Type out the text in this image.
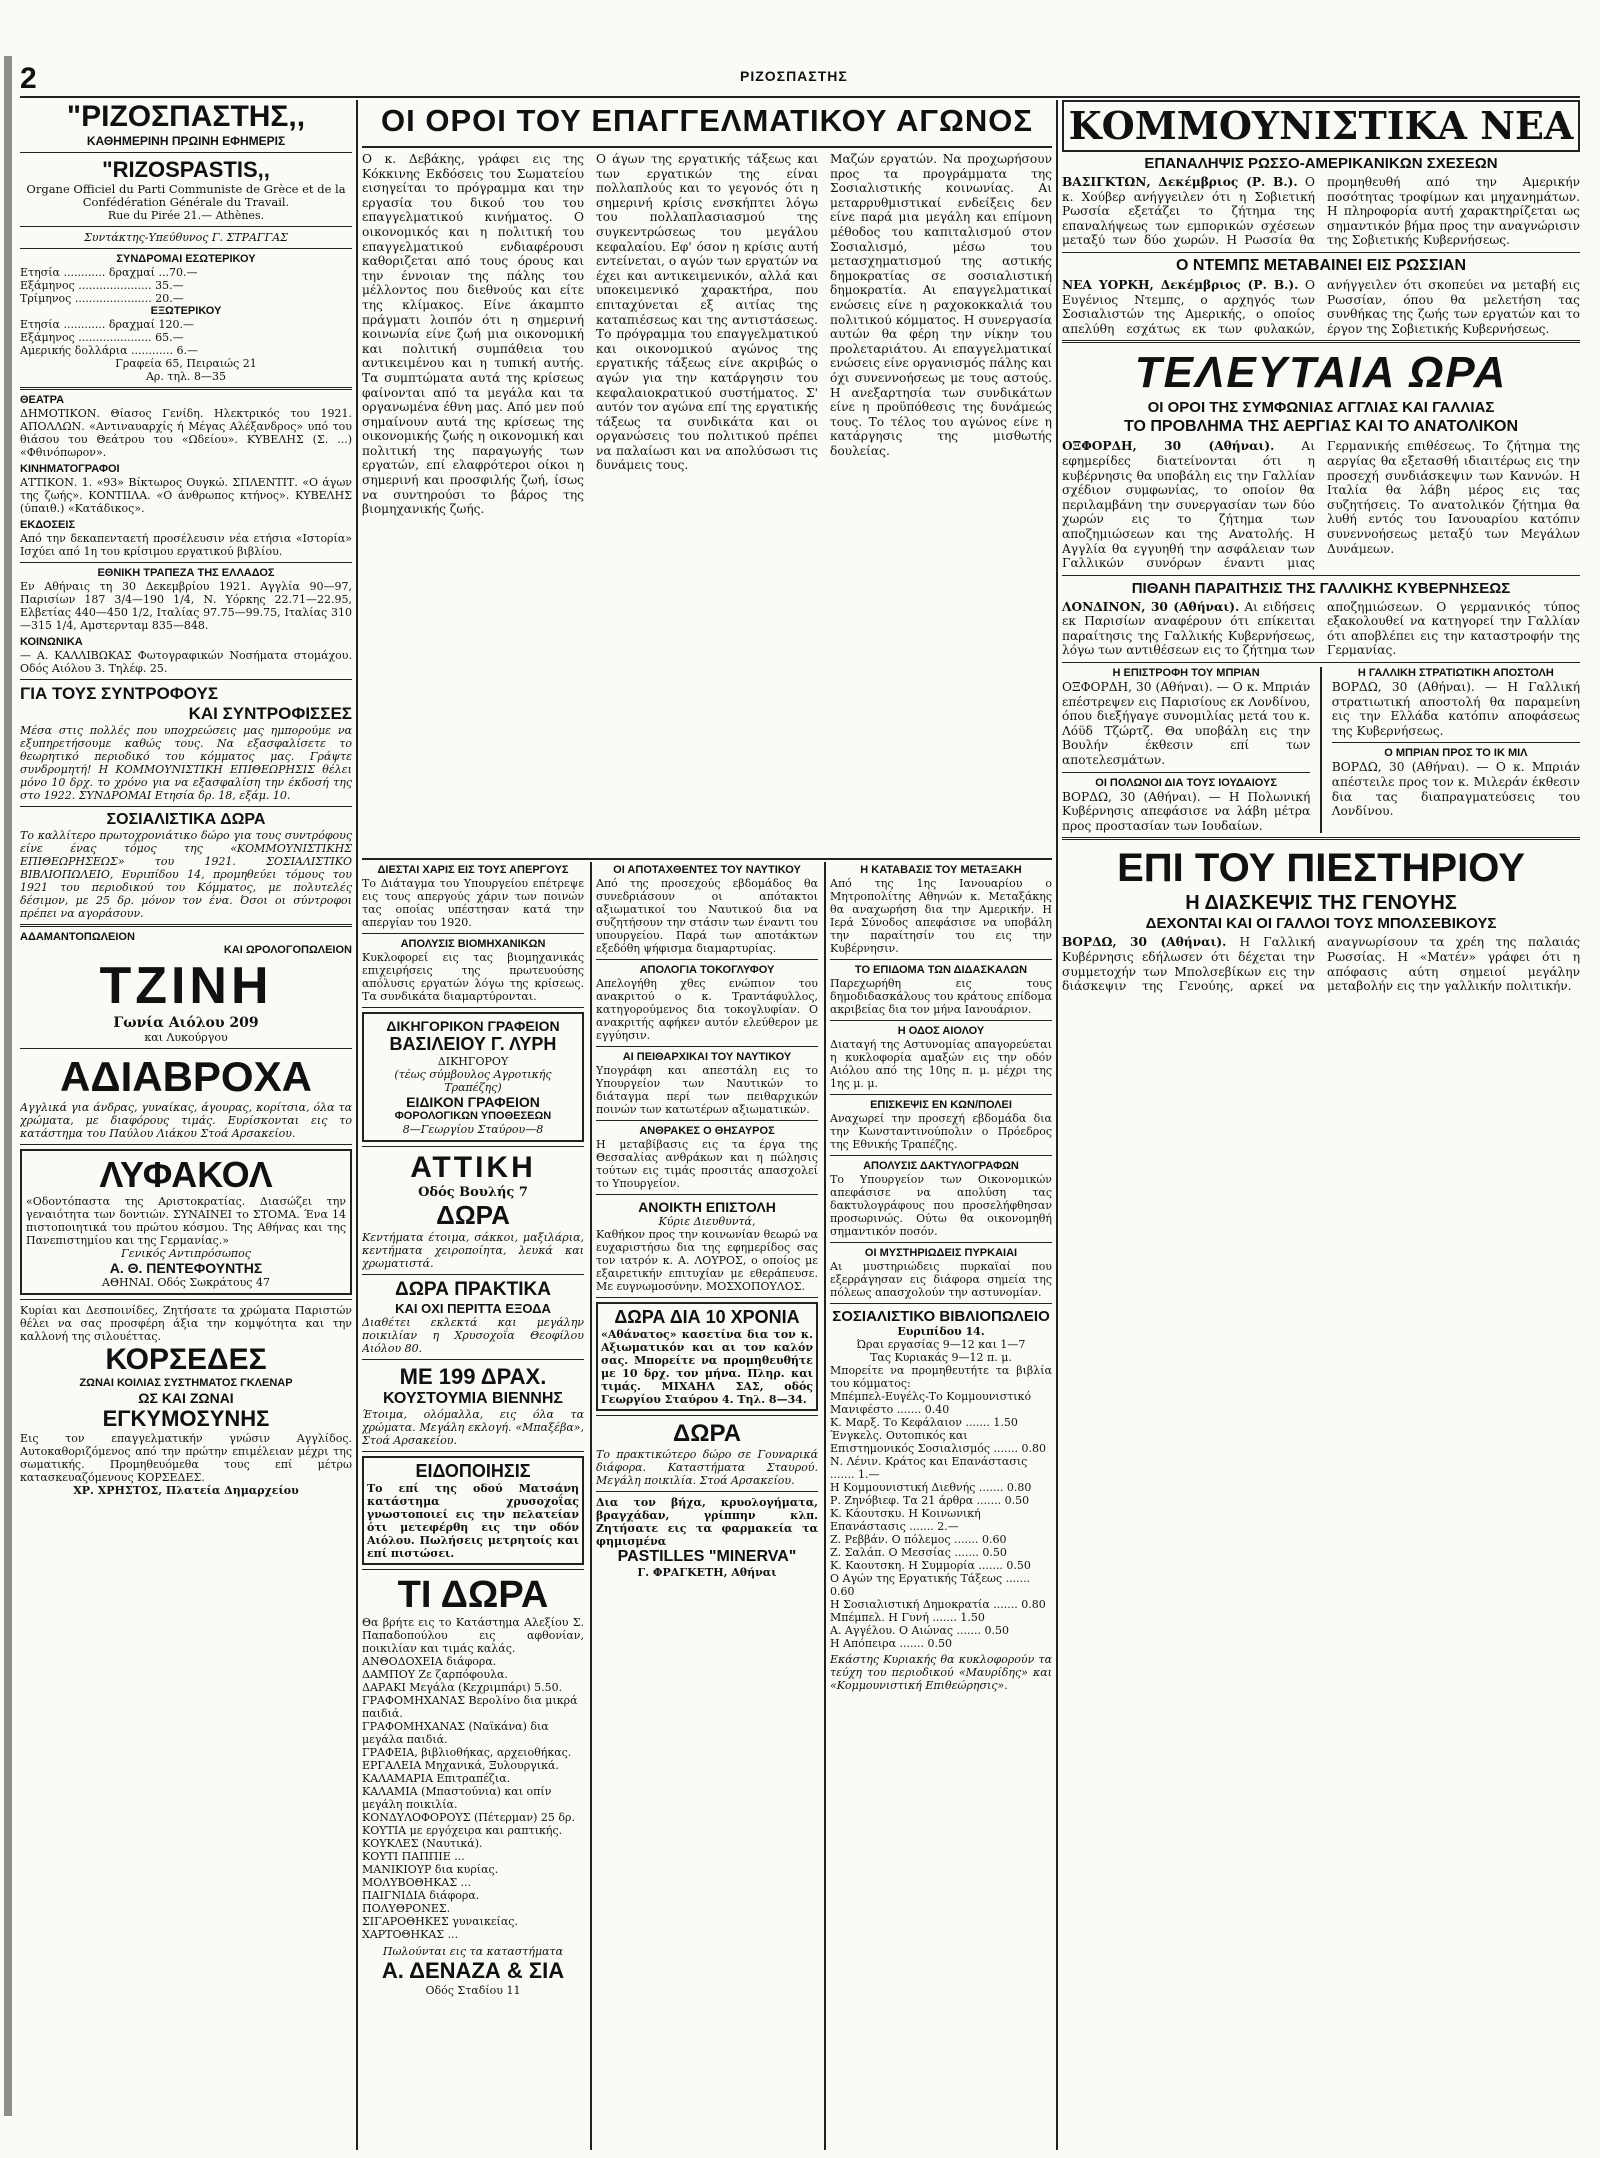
2	ΡΙΖΟΣΠΑΣΤΗΣ
"ΡΙΖΟΣΠΑΣΤΗΣ,,
ΚΑΘΗΜΕΡΙΝΗ ΠΡΩΙΝΗ ΕΦΗΜΕΡΙΣ
"RIZOSPASTIS,,
Organe Officiel du Parti Communiste de Grèce et de la Confédération Générale du Travail.
Rue du Pirée 21.— Athènes.
Συντάκτης-Υπεύθυνος Γ. ΣΤΡΑΓΓΑΣ
ΣΥΝΔΡΟΜΑΙ ΕΣΩΤΕΡΙΚΟΥ
Ετησία ............ δραχμαί ...70.—
Εξάμηνος ..................... 35.—
Τρίμηνος ...................... 20.—
ΕΞΩΤΕΡΙΚΟΥ
Ετησία ............ δραχμαί 120.—
Εξάμηνος ..................... 65.—
Αμερικής δολλάρια ............ 6.—
Γραφεία 65, Πειραιώς 21
Αρ. τηλ. 8—35
ΘΕΑΤΡΑ
ΔΗΜΟΤΙΚΟΝ. Θίασος Γενίδη. Ηλεκτρικός του 1921. ΑΠΟΛΛΩΝ. «Αντιναυαρχίς ή Μέγας Αλέξανδρος» υπό του θιάσου του Θεάτρου του «Ωδείου». ΚΥΒΕΛΗΣ (Σ. ...) «Φθινόπωρον».
ΚΙΝΗΜΑΤΟΓΡΑΦΟΙ
ΑΤΤΙΚΟΝ. 1. «93» Βίκτωρος Ουγκώ. ΣΠΛΕΝΤΙΤ. «Ο άγων της ζωής». ΚΟΝΤΙΙΛΑ. «Ο άνθρωπος κτήνος». ΚΥΒΕΛΗΣ (ύπαιθ.) «Κατάδικος».
ΕΚΔΟΣΕΙΣ
Από την δεκαπενταετή προσέλευσιν νέα ετήσια «Ιστορία» Ισχύει από 1η του κρίσιμου εργατικού βιβλίου.
ΕΘΝΙΚΗ ΤΡΑΠΕΖΑ ΤΗΣ ΕΛΛΑΔΟΣ
Εν Αθήναις τη 30 Δεκεμβρίου 1921. Αγγλία 90—97, Παρισίων 187 3/4—190 1/4, Ν. Υόρκης 22.71—22.95, Ελβετίας 440—450 1/2, Ιταλίας 97.75—99.75, Ιταλίας 310—315 1/4, Αμστερνταμ 835—848.
ΚΟΙΝΩΝΙΚΑ
— Α. ΚΑΛΛΙΒΩΚΑΣ Φωτογραφικών Νοσήματα στομάχου. Οδός Αιόλου 3. Τηλέφ. 25.
ΓΙΑ ΤΟΥΣ ΣΥΝΤΡΟΦΟΥΣ
ΚΑΙ ΣΥΝΤΡΟΦΙΣΣΕΣ
Μέσα στις πολλές που υποχρεώσεις μας ημπορούμε να εξυπηρετήσουμε καθώς τους. Να εξασφαλίσετε το θεωρητικό περιοδικό του κόμματος μας. Γράψτε συνδρομητή! Η ΚΟΜΜΟΥΝΙΣΤΙΚΗ ΕΠΙΘΕΩΡΗΣΙΣ θέλει μόνο 10 δρχ. το χρόνο για να εξασφαλίση την έκδοσή της στο 1922. ΣΥΝΔΡΟΜΑΙ Ετησία δρ. 18, εξάμ. 10.
ΣΟΣΙΑΛΙΣΤΙΚΑ ΔΩΡΑ
Το καλλίτερο πρωτοχρονιάτικο δώρο για τους συντρόφους είνε ένας τόμος της «ΚΟΜΜΟΥΝΙΣΤΙΚΗΣ ΕΠΙΘΕΩΡΗΣΕΩΣ» του 1921. ΣΟΣΙΑΛΙΣΤΙΚΟ ΒΙΒΛΙΟΠΩΛΕΙΟ, Ευριπίδου 14, προμηθεύει τόμους του 1921 του περιοδικού του Κόμματος, με πολυτελές δέσιμον, με 25 δρ. μόνον τον ένα. Όσοι οι σύντροφοι πρέπει να αγοράσουν.
ΑΔΑΜΑΝΤΟΠΩΛΕΙΟΝ
ΚΑΙ ΩΡΟΛΟΓΟΠΩΛΕΙΟΝ
ΤΖΙΝΗ
Γωνία Αιόλου 209
και Λυκούργου
ΑΔΙΑΒΡΟΧΑ
Αγγλικά για άνδρας, γυναίκας, άγουρας, κορίτσια, όλα τα χρώματα, με διαφόρους τιμάς. Ευρίσκονται εις το κατάστημα του Παύλου Λιάκου Στοά Αρσακείου.
ΛΥΦΑΚΟΛ
«Οδοντόπαστα της Αριστοκρατίας. Διασώζει την γεναιότητα των δοντιών. ΣΥΝΑΙΝΕΙ το ΣΤΟΜΑ. Ένα 14 πιστοποιητικά του πρώτου κόσμου. Της Αθήνας και της Πανεπιστημίου και της Γερμανίας.»
Γενικός Αντιπρόσωπος
Α. Θ. ΠΕΝΤΕΦΟΥΝΤΗΣ
ΑΘΗΝΑΙ. Οδός Σωκράτους 47
Κυρίαι και Δεσποινίδες, Ζητήσατε τα χρώματα Παριστών θέλει να σας προσφέρη άξια την κομψότητα και την καλλονή της σιλουέττας.
ΚΟΡΣΕΔΕΣ
ΖΩΝΑΙ ΚΟΙΛΙΑΣ ΣΥΣΤΗΜΑΤΟΣ ΓΚΛΕΝΑΡ
ΩΣ ΚΑΙ ΖΩΝΑΙ
ΕΓΚΥΜΟΣΥΝΗΣ
Εις τον επαγγελματικήν γνώσιν Αγγλίδος. Αυτοκαθοριζόμενος από την πρώτην επιμέλειαν μέχρι της σωματικής. Προμηθευόμεθα τους επί μέτρω κατασκευαζόμενους ΚΟΡΣΕΔΕΣ.
ΧΡ. ΧΡΗΣΤΟΣ, Πλατεία Δημαρχείου
ΟΙ ΟΡΟΙ ΤΟΥ ΕΠΑΓΓΕΛΜΑΤΙΚΟΥ ΑΓΩΝΟΣ
Ο κ. Δεβάκης, γράφει εις της Κόκκινης Εκδόσεις του Σωματείου εισηγείται το πρόγραμμα και την εργασία του δικού του του επαγγελματικού κινήματος. Ο οικονομικός και η πολιτική του επαγγελματικού ενδιαφέρουσι καθοριζεται από τους όρους και την έννοιαν της πάλης του μέλλοντος που διεθνούς και είτε της κλίμακος. Είνε άκαμπτο πράγματι λοιπόν ότι η σημερινή κοινωνία είνε ζωή μια οικονομική και πολιτική συμπάθεια του αντικειμένου και η τυπική αυτής. Τα συμπτώματα αυτά της κρίσεως φαίνονται από τα μεγάλα και τα οργανωμένα έθνη μας. Από μεν πού σημαίνουν αυτά της κρίσεως της οικονομικής ζωής η οικονομική και πολιτική της παραγωγής των εργατών, επί ελαφρότεροι οίκοι η σημερινή και προσφιλής ζωή, ίσως να συντηρούσι το βάρος της βιομηχανικής ζωής.
Ο άγων της εργατικής τάξεως και των εργατικών της είναι πολλαπλούς και το γεγονός ότι η σημερινή κρίσις ενσκήπτει λόγω του πολλαπλασιασμού της συγκεντρώσεως του μεγάλου κεφαλαίου. Εφ' όσον η κρίσις αυτή εντείνεται, ο αγών των εργατών να έχει και αντικειμενικόν, αλλά και υποκειμενικό χαρακτήρα, που επιταχύνεται εξ αιτίας της καταπιέσεως και της αντιστάσεως. Το πρόγραμμα του επαγγελματικού και οικονομικού αγώνος της εργατικής τάξεως είνε ακριβώς ο αγών για την κατάργησιν του κεφαλαιοκρατικού συστήματος. Σ' αυτόν τον αγώνα επί της εργατικής τάξεως τα συνδικάτα και οι οργανώσεις του πολιτικού πρέπει να παλαίωσι και να απολύσωσι τις δυνάμεις τους.
Μαζών εργατών. Να προχωρήσουν προς τα προγράμματα της Σοσιαλιστικής κοινωνίας. Αι μεταρρυθμιστικαί ενδείξεις δεν είνε παρά μια μεγάλη και επίμονη μέθοδος του καπιταλισμού στον Σοσιαλισμό, μέσω του μετασχηματισμού της αστικής δημοκρατίας σε σοσιαλιστική δημοκρατία. Αι επαγγελματικαί ενώσεις είνε η ραχοκοκκαλιά του πολιτικού κόμματος. Η συνεργασία αυτών θα φέρη την νίκην του προλεταριάτου. Αι επαγγελματικαί ενώσεις είνε οργανισμός πάλης και όχι συνεννοήσεως με τους αστούς. Η ανεξαρτησία των συνδικάτων είνε η προϋπόθεσις της δυνάμεώς τους. Το τέλος του αγώνος είνε η κατάργησις της μισθωτής δουλείας.
ΔΙΕΣΤΑΙ ΧΑΡΙΣ ΕΙΣ ΤΟΥΣ ΑΠΕΡΓΟΥΣ
Το Διάταγμα του Υπουργείου επέτρεψε εις τους απεργούς χάριν των ποινών τας οποίας υπέστησαν κατά την απεργίαν του 1920.
ΑΠΟΛΥΣΙΣ ΒΙΟΜΗΧΑΝΙΚΩΝ
Κυκλοφορεί εις τας βιομηχανικάς επιχειρήσεις της πρωτευούσης απόλυσις εργατών λόγω της κρίσεως. Τα συνδικάτα διαμαρτύρονται.
ΔΙΚΗΓΟΡΙΚΟΝ ΓΡΑΦΕΙΟΝ
ΒΑΣΙΛΕΙΟΥ Γ. ΛΥΡΗ
ΔΙΚΗΓΟΡΟΥ
(τέως σύμβουλος Αγροτικής Τραπέζης)
ΕΙΔΙΚΟΝ ΓΡΑΦΕΙΟΝ
ΦΟΡΟΛΟΓΙΚΩΝ ΥΠΟΘΕΣΕΩΝ
8—Γεωργίου Σταύρου—8
ΑΤΤΙΚΗ
Οδός Βουλής 7
ΔΩΡΑ
Κεντήματα έτοιμα, σάκκοι, μαξιλάρια, κεντήματα χειροποίητα, λευκά και χρωματιστά.
ΔΩΡΑ ΠΡΑΚΤΙΚΑ
ΚΑΙ ΟΧΙ ΠΕΡΙΤΤΑ ΕΞΟΔΑ
Διαθέτει εκλεκτά και μεγάλην ποικιλίαν η Χρυσοχοΐα Θεοφίλου Αιόλου 80.
ΜΕ 199 ΔΡΑΧ.
ΚΟΥΣΤΟΥΜΙΑ ΒΙΕΝΝΗΣ
Έτοιμα, ολόμαλλα, εις όλα τα χρώματα. Μεγάλη εκλογή. «Μπαξέβα», Στοά Αρσακείου.
ΕΙΔΟΠΟΙΗΣΙΣ
Το επί της οδού Ματσάνη κατάστημα χρυσοχοΐας γνωστοποιεί εις την πελατείαν ότι μετεφέρθη εις την οδόν Αιόλου. Πωλήσεις μετρητοίς και επί πιστώσει.
ΤΙ ΔΩΡΑ
Θα βρήτε εις το Κατάστημα Αλεξίου Σ. Παπαδοπούλου εις αφθονίαν, ποικιλίαν και τιμάς καλάς.
ΑΝΘΟΔΟΧΕΙΑ διάφορα.
ΔΑΜΠΟΥ Ζε ζαρπόφουλα.
ΔΑΡΑΚΙ Μεγάλα (Κεχριμπάρι) 5.50.
ΓΡΑΦΟΜΗΧΑΝΑΣ Βερολίνο δια μικρά παιδιά.
ΓΡΑΦΟΜΗΧΑΝΑΣ (Ναϊκάνα) δια μεγάλα παιδιά.
ΓΡΑΦΕΙΑ, βιβλιοθήκας, αρχειοθήκας.
ΕΡΓΑΛΕΙΑ Μηχανικά, Ξυλουργικά.
ΚΑΛΑΜΑΡΙΑ Επιτραπέζια.
ΚΑΛΑΜΙΑ (Μπαστούνια) και οπίν μεγάλη ποικιλία.
ΚΟΝΔΥΛΟΦΟΡΟΥΣ (Πέτερμαν) 25 δρ.
ΚΟΥΤΙΑ με εργόχειρα και ραπτικής.
ΚΟΥΚΛΕΣ (Ναυτικά).
ΚΟΥΤΙ ΠΑΠΠΙΕ ...
ΜΑΝΙΚΙΟΥΡ δια κυρίας.
ΜΟΛΥΒΟΘΗΚΑΣ ...
ΠΑΙΓΝΙΔΙΑ διάφορα.
ΠΟΛΥΘΡΟΝΕΣ.
ΣΙΓΑΡΟΘΗΚΕΣ γυναικείας.
ΧΑΡΤΟΘΗΚΑΣ ...
Πωλούνται εις τα καταστήματα
Α. ΔΕΝΑΖΑ & ΣΙΑ
Οδός Σταδίου 11
ΟΙ ΑΠΟΤΑΧΘΕΝΤΕΣ ΤΟΥ ΝΑΥΤΙΚΟΥ
Από της προσεχούς εβδομάδος θα συνεδριάσουν οι απότακτοι αξιωματικοί του Ναυτικού δια να συζητήσουν την στάσιν των έναντι του υπουργείου. Παρά των αποτάκτων εξεδόθη ψήφισμα διαμαρτυρίας.
ΑΠΟΛΟΓΙΑ ΤΟΚΟΓΛΥΦΟΥ
Απελογήθη χθες ενώπιον του ανακριτού ο κ. Τραντάφυλλος, κατηγορούμενος δια τοκογλυφίαν. Ο ανακριτής αφήκεν αυτόν ελεύθερον με εγγύησιν.
ΑΙ ΠΕΙΘΑΡΧΙΚΑΙ ΤΟΥ ΝΑΥΤΙΚΟΥ
Υπογράφη και απεστάλη εις το Υπουργείον των Ναυτικών το διάταγμα περί των πειθαρχικών ποινών των κατωτέρων αξιωματικών.
ΑΝΘΡΑΚΕΣ Ο ΘΗΣΑΥΡΟΣ
Η μεταβίβασις εις τα έργα της Θεσσαλίας ανθράκων και η πώλησις τούτων εις τιμάς προσιτάς απασχολεί το Υπουργείον.
ΑΝΟΙΚΤΗ ΕΠΙΣΤΟΛΗ
Κύριε Διευθυντά,
Καθήκον προς την κοινωνίαν θεωρώ να ευχαριστήσω δια της εφημερίδος σας τον ιατρόν κ. Α. ΛΟΥΡΟΣ, ο οποίος με εξαιρετικήν επιτυχίαν με εθεράπευσε. Με ευγνωμοσύνην. ΜΟΣΧΟΠΟΥΛΟΣ.
ΔΩΡΑ ΔΙΑ 10 ΧΡΟΝΙΑ
«Αθάνατος» κασετίνα δια τον κ. Αξιωματικόν και αι τον καλόν σας. Μπορείτε να προμηθευθήτε με 10 δρχ. τον μήνα. Πληρ. και τιμάς. ΜΙΧΑΗΛ ΣΑΣ, οδός Γεωργίου Σταύρου 4. Τηλ. 8—34.
ΔΩΡΑ
Το πρακτικώτερο δώρο σε Γουναρικά διάφορα. Καταστήματα Σταυρού. Μεγάλη ποικιλία. Στοά Αρσακείου.
Δια τον βήχα, κρυολογήματα, βραγχάδαν, γρίππην κλπ. Ζητήσατε εις τα φαρμακεία τα φημισμένα
PASTILLES "MINERVA"
Γ. ΦΡΑΓΚΕΤΗ, Αθήναι
Η ΚΑΤΑΒΑΣΙΣ ΤΟΥ ΜΕΤΑΞΑΚΗ
Από της 1ης Ιανουαρίου ο Μητροπολίτης Αθηνών κ. Μεταξάκης θα αναχωρήση δια την Αμερικήν. Η Ιερά Σύνοδος απεφάσισε να υποβάλη την παραίτησίν του εις την Κυβέρνησιν.
ΤΟ ΕΠΙΔΟΜΑ ΤΩΝ ΔΙΔΑΣΚΑΛΩΝ
Παρεχωρήθη εις τους δημοδιδασκάλους του κράτους επίδομα ακριβείας δια τον μήνα Ιανουάριον.
Η ΟΔΟΣ ΑΙΟΛΟΥ
Διαταγή της Αστυνομίας απαγορεύεται η κυκλοφορία αμαξών εις την οδόν Αιόλου από της 10ης π. μ. μέχρι της 1ης μ. μ.
ΕΠΙΣΚΕΨΙΣ ΕΝ ΚΩΝ/ΠΟΛΕΙ
Αναχωρεί την προσεχή εβδομάδα δια την Κωνσταντινούπολιν ο Πρόεδρος της Εθνικής Τραπέζης.
ΑΠΟΛΥΣΙΣ ΔΑΚΤΥΛΟΓΡΑΦΩΝ
Το Υπουργείον των Οικονομικών απεφάσισε να απολύση τας δακτυλογράφους που προσελήφθησαν προσωρινώς. Ούτω θα οικονομηθή σημαντικόν ποσόν.
ΟΙ ΜΥΣΤΗΡΙΩΔΕΙΣ ΠΥΡΚΑΙΑΙ
Αι μυστηριώδεις πυρκαϊαί που εξερράγησαν εις διάφορα σημεία της πόλεως απασχολούν την αστυνομίαν.
ΣΟΣΙΑΛΙΣΤΙΚΟ ΒΙΒΛΙΟΠΩΛΕΙΟ
Ευριπίδου 14.
Ώραι εργασίας 9—12 και 1—7
Τας Κυριακάς 9—12 π. μ.
Μπορείτε να προμηθευτήτε τα βιβλία του κόμματος:
Μπέμπελ-Ευγέλς-Το Κομμουνιστικό Μανιφέστο ....... 0.40
Κ. Μαρξ. Το Κεφάλαιον ....... 1.50
Ένγκελς. Ουτοπικός και Επιστημονικός Σοσιαλισμός ....... 0.80
Ν. Λένιν. Κράτος και Επανάστασις ....... 1.—
Η Κομμουνιστική Διεθνής ....... 0.80
Ρ. Ζηνόβιεφ. Τα 21 άρθρα ....... 0.50
Κ. Κάουτσκυ. Η Κοινωνική Επανάστασις ....... 2.—
Ζ. Ρεββάν. Ο πόλεμος ....... 0.60
Ζ. Σαλάπ. Ο Μεσσίας ....... 0.50
Κ. Καουτσκη. Η Συμμορία ....... 0.50
Ο Αγών της Εργατικής Τάξεως ....... 0.60
Η Σοσιαλιστική Δημοκρατία ....... 0.80
Μπέμπελ. Η Γυνή ....... 1.50
Α. Αγγέλου. Ο Αιώνας ....... 0.50
Η Απόπειρα ....... 0.50
Εκάστης Κυριακής θα κυκλοφορούν τα τεύχη του περιοδικού «Μαυρίδης» και «Κομμουνιστική Επιθεώρησις».
ΚΟΜΜΟΥΝΙΣΤΙΚΑ ΝΕΑ
ΕΠΑΝΑΛΗΨΙΣ ΡΩΣΣΟ-ΑΜΕΡΙΚΑΝΙΚΩΝ ΣΧΕΣΕΩΝ
ΒΑΣΙΓΚΤΩΝ, Δεκέμβριος (Ρ. Β.). Ο κ. Χούβερ ανήγγειλεν ότι η Σοβιετική Ρωσσία εξετάζει το ζήτημα της επαναλήψεως των εμπορικών σχέσεων μεταξύ των δύο χωρών. Η Ρωσσία θα προμηθευθή από την Αμερικήν ποσότητας τροφίμων και μηχανημάτων. Η πληροφορία αυτή χαρακτηρίζεται ως σημαντικόν βήμα προς την αναγνώρισιν της Σοβιετικής Κυβερνήσεως.
Ο ΝΤΕΜΠΣ ΜΕΤΑΒΑΙΝΕΙ ΕΙΣ ΡΩΣΣΙΑΝ
ΝΕΑ ΥΟΡΚΗ, Δεκέμβριος (Ρ. Β.). Ο Ευγένιος Ντεμπς, ο αρχηγός των Σοσιαλιστών της Αμερικής, ο οποίος απελύθη εσχάτως εκ των φυλακών, ανήγγειλεν ότι σκοπεύει να μεταβή εις Ρωσσίαν, όπου θα μελετήση τας συνθήκας της ζωής των εργατών και το έργον της Σοβιετικής Κυβερνήσεως.
ΤΕΛΕΥΤΑΙΑ ΩΡΑ
ΟΙ ΟΡΟΙ ΤΗΣ ΣΥΜΦΩΝΙΑΣ ΑΓΓΛΙΑΣ ΚΑΙ ΓΑΛΛΙΑΣ
ΤΟ ΠΡΟΒΛΗΜΑ ΤΗΣ ΑΕΡΓΙΑΣ ΚΑΙ ΤΟ ΑΝΑΤΟΛΙΚΟΝ
ΟΞΦΟΡΔΗ, 30 (Αθήναι). Αι εφημερίδες διατείνονται ότι η κυβέρνησις θα υποβάλη εις την Γαλλίαν σχέδιον συμφωνίας, το οποίον θα περιλαμβάνη την συνεργασίαν των δύο χωρών εις το ζήτημα των αποζημιώσεων και της Ανατολής. Η Αγγλία θα εγγυηθή την ασφάλειαν των Γαλλικών συνόρων έναντι μιας Γερμανικής επιθέσεως. Το ζήτημα της αεργίας θα εξετασθή ιδιαιτέρως εις την προσεχή συνδιάσκεψιν των Καννών. Η Ιταλία θα λάβη μέρος εις τας συζητήσεις. Το ανατολικόν ζήτημα θα λυθή εντός του Ιανουαρίου κατόπιν συνεννοήσεως μεταξύ των Μεγάλων Δυνάμεων.
ΠΙΘΑΝΗ ΠΑΡΑΙΤΗΣΙΣ ΤΗΣ ΓΑΛΛΙΚΗΣ ΚΥΒΕΡΝΗΣΕΩΣ
ΛΟΝΔΙΝΟΝ, 30 (Αθήναι). Αι ειδήσεις εκ Παρισίων αναφέρουν ότι επίκειται παραίτησις της Γαλλικής Κυβερνήσεως, λόγω των αντιθέσεων εις το ζήτημα των αποζημιώσεων. Ο γερμανικός τύπος εξακολουθεί να κατηγορεί την Γαλλίαν ότι αποβλέπει εις την καταστροφήν της Γερμανίας.
Η ΕΠΙΣΤΡΟΦΗ ΤΟΥ ΜΠΡΙΑΝ
ΟΞΦΟΡΔΗ, 30 (Αθήναι). — Ο κ. Μπριάν επέστρεψεν εις Παρισίους εκ Λονδίνου, όπου διεξήγαγε συνομιλίας μετά του κ. Λόϋδ Τζώρτζ. Θα υποβάλη εις την Βουλήν έκθεσιν επί των αποτελεσμάτων.
ΟΙ ΠΟΛΩΝΟΙ ΔΙΑ ΤΟΥΣ ΙΟΥΔΑΙΟΥΣ
ΒΟΡΔΩ, 30 (Αθήναι). — Η Πολωνική Κυβέρνησις απεφάσισε να λάβη μέτρα προς προστασίαν των Ιουδαίων.
Η ΓΑΛΛΙΚΗ ΣΤΡΑΤΙΩΤΙΚΗ ΑΠΟΣΤΟΛΗ
ΒΟΡΔΩ, 30 (Αθήναι). — Η Γαλλική στρατιωτική αποστολή θα παραμείνη εις την Ελλάδα κατόπιν αποφάσεως της Κυβερνήσεως.
Ο ΜΠΡΙΑΝ ΠΡΟΣ ΤΟ ΙΚ ΜΙΛ
ΒΟΡΔΩ, 30 (Αθήναι). — Ο κ. Μπριάν απέστειλε προς τον κ. Μιλεράν έκθεσιν δια τας διαπραγματεύσεις του Λονδίνου.
ΕΠΙ ΤΟΥ ΠΙΕΣΤΗΡΙΟΥ
Η ΔΙΑΣΚΕΨΙΣ ΤΗΣ ΓΕΝΟΥΗΣ
ΔΕΧΟΝΤΑΙ ΚΑΙ ΟΙ ΓΑΛΛΟΙ ΤΟΥΣ ΜΠΟΛΣΕΒΙΚΟΥΣ
ΒΟΡΔΩ, 30 (Αθήναι). Η Γαλλική Κυβέρνησις εδήλωσεν ότι δέχεται την συμμετοχήν των Μπολσεβίκων εις την διάσκεψιν της Γενούης, αρκεί να αναγνωρίσουν τα χρέη της παλαιάς Ρωσσίας. Η «Ματέν» γράφει ότι η απόφασις αύτη σημειοί μεγάλην μεταβολήν εις την γαλλικήν πολιτικήν.
